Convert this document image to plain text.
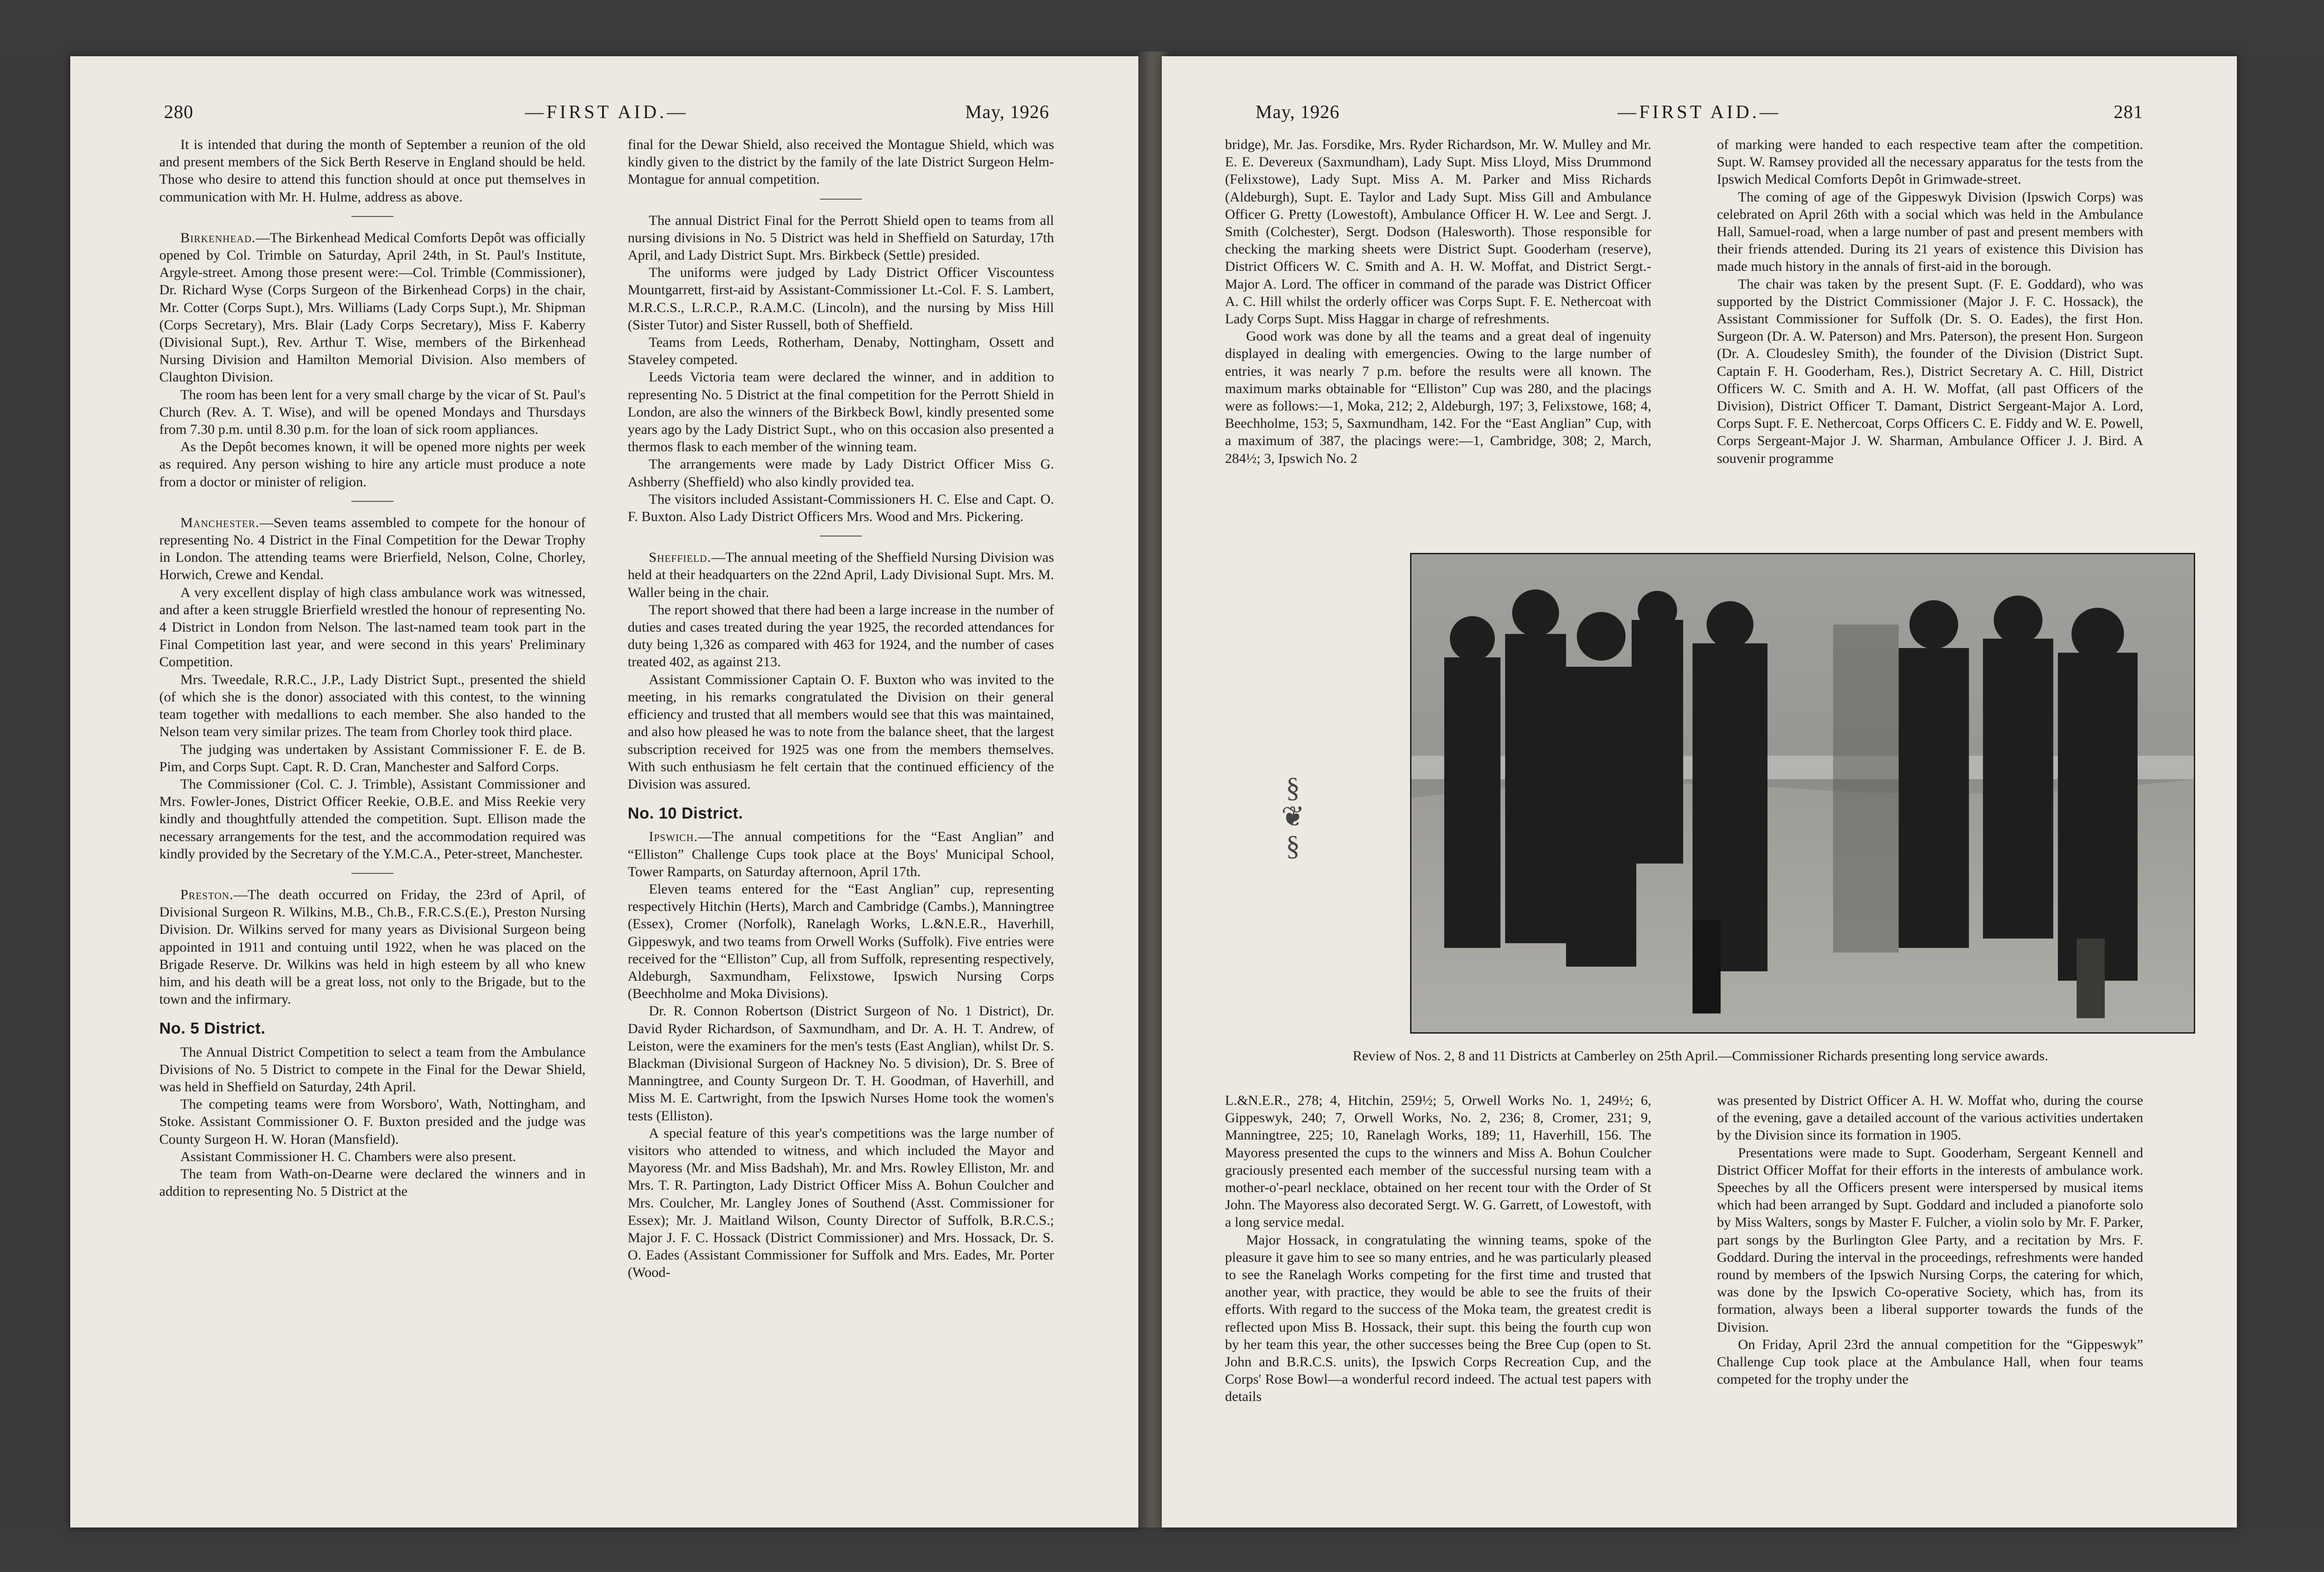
280	—FIRST AID.—	May, 1926

It is intended that during the month of September a reunion of the old and present members of the Sick Berth Reserve in England should be held. Those who desire to attend this function should at once put themselves in communication with Mr. H. Hulme, address as above.

Birkenhead.—The Birkenhead Medical Comforts Depôt was officially opened by Col. Trimble on Saturday, April 24th, in St. Paul's Institute, Argyle-street. Among those present were:—Col. Trimble (Commissioner), Dr. Richard Wyse (Corps Surgeon of the Birkenhead Corps) in the chair, Mr. Cotter (Corps Supt.), Mrs. Williams (Lady Corps Supt.), Mr. Shipman (Corps Secretary), Mrs. Blair (Lady Corps Secretary), Miss F. Kaberry (Divisional Supt.), Rev. Arthur T. Wise, members of the Birkenhead Nursing Division and Hamilton Memorial Division. Also members of Claughton Division.

The room has been lent for a very small charge by the vicar of St. Paul's Church (Rev. A. T. Wise), and will be opened Mondays and Thursdays from 7.30 p.m. until 8.30 p.m. for the loan of sick room appliances.

As the Depôt becomes known, it will be opened more nights per week as required. Any person wishing to hire any article must produce a note from a doctor or minister of religion.

Manchester.—Seven teams assembled to compete for the honour of representing No. 4 District in the Final Competition for the Dewar Trophy in London. The attending teams were Brierfield, Nelson, Colne, Chorley, Horwich, Crewe and Kendal.

A very excellent display of high class ambulance work was witnessed, and after a keen struggle Brierfield wrestled the honour of representing No. 4 District in London from Nelson. The last-named team took part in the Final Competition last year, and were second in this years' Preliminary Competition.

Mrs. Tweedale, R.R.C., J.P., Lady District Supt., presented the shield (of which she is the donor) associated with this contest, to the winning team together with medallions to each member. She also handed to the Nelson team very similar prizes. The team from Chorley took third place.

The judging was undertaken by Assistant Commissioner F. E. de B. Pim, and Corps Supt. Capt. R. D. Cran, Manchester and Salford Corps.

The Commissioner (Col. C. J. Trimble), Assistant Commissioner and Mrs. Fowler-Jones, District Officer Reekie, O.B.E. and Miss Reekie very kindly and thoughtfully attended the competition. Supt. Ellison made the necessary arrangements for the test, and the accommodation required was kindly provided by the Secretary of the Y.M.C.A., Peter-street, Manchester.

Preston.—The death occurred on Friday, the 23rd of April, of Divisional Surgeon R. Wilkins, M.B., Ch.B., F.R.C.S.(E.), Preston Nursing Division. Dr. Wilkins served for many years as Divisional Surgeon being appointed in 1911 and contuing until 1922, when he was placed on the Brigade Reserve. Dr. Wilkins was held in high esteem by all who knew him, and his death will be a great loss, not only to the Brigade, but to the town and the infirmary.

No. 5 District.

The Annual District Competition to select a team from the Ambulance Divisions of No. 5 District to compete in the Final for the Dewar Shield, was held in Sheffield on Saturday, 24th April.

The competing teams were from Worsboro', Wath, Nottingham, and Stoke. Assistant Commissioner O. F. Buxton presided and the judge was County Surgeon H. W. Horan (Mansfield).

Assistant Commissioner H. C. Chambers were also present.

The team from Wath-on-Dearne were declared the winners and in addition to representing No. 5 District at the

final for the Dewar Shield, also received the Montague Shield, which was kindly given to the district by the family of the late District Surgeon Helm-Montague for annual competition.

The annual District Final for the Perrott Shield open to teams from all nursing divisions in No. 5 District was held in Sheffield on Saturday, 17th April, and Lady District Supt. Mrs. Birkbeck (Settle) presided.

The uniforms were judged by Lady District Officer Viscountess Mountgarrett, first-aid by Assistant-Commissioner Lt.-Col. F. S. Lambert, M.R.C.S., L.R.C.P., R.A.M.C. (Lincoln), and the nursing by Miss Hill (Sister Tutor) and Sister Russell, both of Sheffield.

Teams from Leeds, Rotherham, Denaby, Nottingham, Ossett and Staveley competed.

Leeds Victoria team were declared the winner, and in addition to representing No. 5 District at the final competition for the Perrott Shield in London, are also the winners of the Birkbeck Bowl, kindly presented some years ago by the Lady District Supt., who on this occasion also presented a thermos flask to each member of the winning team.

The arrangements were made by Lady District Officer Miss G. Ashberry (Sheffield) who also kindly provided tea.

The visitors included Assistant-Commissioners H. C. Else and Capt. O. F. Buxton. Also Lady District Officers Mrs. Wood and Mrs. Pickering.

Sheffield.—The annual meeting of the Sheffield Nursing Division was held at their headquarters on the 22nd April, Lady Divisional Supt. Mrs. M. Waller being in the chair.

The report showed that there had been a large increase in the number of duties and cases treated during the year 1925, the recorded attendances for duty being 1,326 as compared with 463 for 1924, and the number of cases treated 402, as against 213.

Assistant Commissioner Captain O. F. Buxton who was invited to the meeting, in his remarks congratulated the Division on their general efficiency and trusted that all members would see that this was maintained, and also how pleased he was to note from the balance sheet, that the largest subscription received for 1925 was one from the members themselves. With such enthusiasm he felt certain that the continued efficiency of the Division was assured.

No. 10 District.

Ipswich.—The annual competitions for the “East Anglian” and “Elliston” Challenge Cups took place at the Boys' Municipal School, Tower Ramparts, on Saturday afternoon, April 17th.

Eleven teams entered for the “East Anglian” cup, representing respectively Hitchin (Herts), March and Cambridge (Cambs.), Manningtree (Essex), Cromer (Norfolk), Ranelagh Works, L.&N.E.R., Haverhill, Gippeswyk, and two teams from Orwell Works (Suffolk). Five entries were received for the “Elliston” Cup, all from Suffolk, representing respectively, Aldeburgh, Saxmundham, Felixstowe, Ipswich Nursing Corps (Beechholme and Moka Divisions).

Dr. R. Connon Robertson (District Surgeon of No. 1 District), Dr. David Ryder Richardson, of Saxmundham, and Dr. A. H. T. Andrew, of Leiston, were the examiners for the men's tests (East Anglian), whilst Dr. S. Blackman (Divisional Surgeon of Hackney No. 5 division), Dr. S. Bree of Manningtree, and County Surgeon Dr. T. H. Goodman, of Haverhill, and Miss M. E. Cartwright, from the Ipswich Nurses Home took the women's tests (Elliston).

A special feature of this year's competitions was the large number of visitors who attended to witness, and which included the Mayor and Mayoress (Mr. and Miss Badshah), Mr. and Mrs. Rowley Elliston, Mr. and Mrs. T. R. Partington, Lady District Officer Miss A. Bohun Coulcher and Mrs. Coulcher, Mr. Langley Jones of Southend (Asst. Commissioner for Essex); Mr. J. Maitland Wilson, County Director of Suffolk, B.R.C.S.; Major J. F. C. Hossack (District Commissioner) and Mrs. Hossack, Dr. S. O. Eades (Assistant Commissioner for Suffolk and Mrs. Eades, Mr. Porter (Wood-

May, 1926	—FIRST AID.—	281

bridge), Mr. Jas. Forsdike, Mrs. Ryder Richardson, Mr. W. Mulley and Mr. E. E. Devereux (Saxmundham), Lady Supt. Miss Lloyd, Miss Drummond (Felixstowe), Lady Supt. Miss A. M. Parker and Miss Richards (Aldeburgh), Supt. E. Taylor and Lady Supt. Miss Gill and Ambulance Officer G. Pretty (Lowestoft), Ambulance Officer H. W. Lee and Sergt. J. Smith (Colchester), Sergt. Dodson (Halesworth). Those responsible for checking the marking sheets were District Supt. Gooderham (reserve), District Officers W. C. Smith and A. H. W. Moffat, and District Sergt.-Major A. Lord. The officer in command of the parade was District Officer A. C. Hill whilst the orderly officer was Corps Supt. F. E. Nethercoat with Lady Corps Supt. Miss Haggar in charge of refreshments.

Good work was done by all the teams and a great deal of ingenuity displayed in dealing with emergencies. Owing to the large number of entries, it was nearly 7 p.m. before the results were all known. The maximum marks obtainable for “Elliston” Cup was 280, and the placings were as follows:—1, Moka, 212; 2, Aldeburgh, 197; 3, Felixstowe, 168; 4, Beechholme, 153; 5, Saxmundham, 142. For the “East Anglian” Cup, with a maximum of 387, the placings were:—1, Cambridge, 308; 2, March, 284½; 3, Ipswich No. 2

of marking were handed to each respective team after the competition. Supt. W. Ramsey provided all the necessary apparatus for the tests from the Ipswich Medical Comforts Depôt in Grimwade-street.

The coming of age of the Gippeswyk Division (Ipswich Corps) was celebrated on April 26th with a social which was held in the Ambulance Hall, Samuel-road, when a large number of past and present members with their friends attended. During its 21 years of existence this Division has made much history in the annals of first-aid in the borough.

The chair was taken by the present Supt. (F. E. Goddard), who was supported by the District Commissioner (Major J. F. C. Hossack), the Assistant Commissioner for Suffolk (Dr. S. O. Eades), the first Hon. Surgeon (Dr. A. W. Paterson) and Mrs. Paterson), the present Hon. Surgeon (Dr. A. Cloudesley Smith), the founder of the Division (District Supt. Captain F. H. Gooderham, Res.), District Secretary A. C. Hill, District Officers W. C. Smith and A. H. W. Moffat, (all past Officers of the Division), District Officer T. Damant, District Sergeant-Major A. Lord, Corps Supt. F. E. Nethercoat, Corps Officers C. E. Fiddy and W. E. Powell, Corps Sergeant-Major J. W. Sharman, Ambulance Officer J. J. Bird. A souvenir programme

§
❦
§

Review of Nos. 2, 8 and 11 Districts at Camberley on 25th April.—Commissioner Richards presenting long service awards.

L.&N.E.R., 278; 4, Hitchin, 259½; 5, Orwell Works No. 1, 249½; 6, Gippeswyk, 240; 7, Orwell Works, No. 2, 236; 8, Cromer, 231; 9, Manningtree, 225; 10, Ranelagh Works, 189; 11, Haverhill, 156. The Mayoress presented the cups to the winners and Miss A. Bohun Coulcher graciously presented each member of the successful nursing team with a mother-o'-pearl necklace, obtained on her recent tour with the Order of St John. The Mayoress also decorated Sergt. W. G. Garrett, of Lowestoft, with a long service medal.

Major Hossack, in congratulating the winning teams, spoke of the pleasure it gave him to see so many entries, and he was particularly pleased to see the Ranelagh Works competing for the first time and trusted that another year, with practice, they would be able to see the fruits of their efforts. With regard to the success of the Moka team, the greatest credit is reflected upon Miss B. Hossack, their supt. this being the fourth cup won by her team this year, the other successes being the Bree Cup (open to St. John and B.R.C.S. units), the Ipswich Corps Recreation Cup, and the Corps' Rose Bowl—a wonderful record indeed. The actual test papers with details

was presented by District Officer A. H. W. Moffat who, during the course of the evening, gave a detailed account of the various activities undertaken by the Division since its formation in 1905.

Presentations were made to Supt. Gooderham, Sergeant Kennell and District Officer Moffat for their efforts in the interests of ambulance work. Speeches by all the Officers present were interspersed by musical items which had been arranged by Supt. Goddard and included a pianoforte solo by Miss Walters, songs by Master F. Fulcher, a violin solo by Mr. F. Parker, part songs by the Burlington Glee Party, and a recitation by Mrs. F. Goddard. During the interval in the proceedings, refreshments were handed round by members of the Ipswich Nursing Corps, the catering for which, was done by the Ipswich Co-operative Society, which has, from its formation, always been a liberal supporter towards the funds of the Division.

On Friday, April 23rd the annual competition for the “Gippeswyk” Challenge Cup took place at the Ambulance Hall, when four teams competed for the trophy under the
